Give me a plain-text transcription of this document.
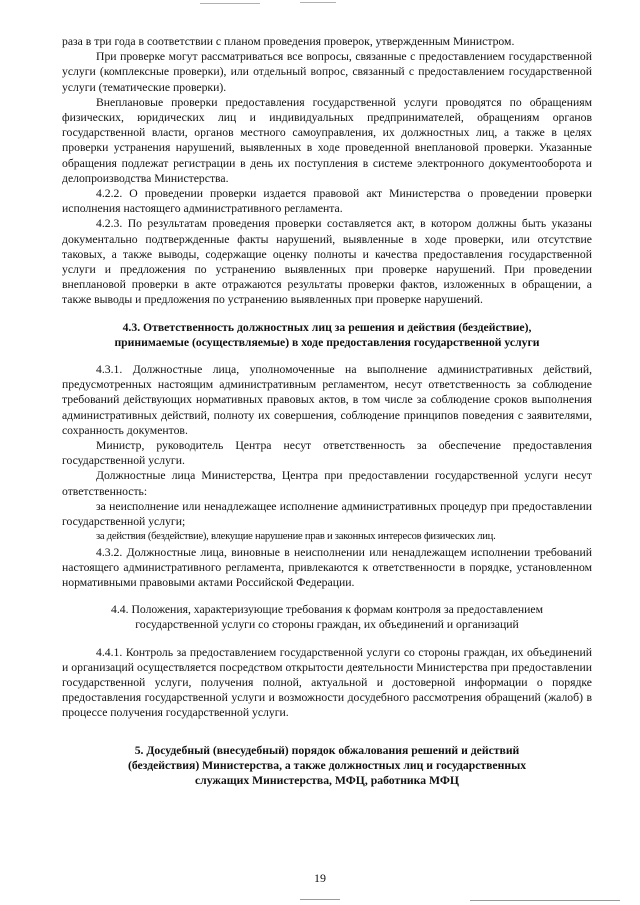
раза в три года в соответствии с планом проведения проверок, утвержденным Министром.

При проверке могут рассматриваться все вопросы, связанные с предоставлением государственной услуги (комплексные проверки), или отдельный вопрос, связанный с предоставлением государственной услуги (тематические проверки).

Внеплановые проверки предоставления государственной услуги проводятся по обращениям физических, юридических лиц и индивидуальных предпринимателей, обращениям органов государственной власти, органов местного самоуправления, их должностных лиц, а также в целях проверки устранения нарушений, выявленных в ходе проведенной внеплановой проверки. Указанные обращения подлежат регистрации в день их поступления в системе электронного документооборота и делопроизводства Министерства.

4.2.2. О проведении проверки издается правовой акт Министерства о проведении проверки исполнения настоящего административного регламента.

4.2.3. По результатам проведения проверки составляется акт, в котором должны быть указаны документально подтвержденные факты нарушений, выявленные в ходе проверки, или отсутствие таковых, а также выводы, содержащие оценку полноты и качества предоставления государственной услуги и предложения по устранению выявленных при проверке нарушений. При проведении внеплановой проверки в акте отражаются результаты проверки фактов, изложенных в обращении, а также выводы и предложения по устранению выявленных при проверке нарушений.

4.3. Ответственность должностных лиц за решения и действия (бездействие),
принимаемые (осуществляемые) в ходе предоставления государственной услуги

4.3.1. Должностные лица, уполномоченные на выполнение административных действий, предусмотренных настоящим административным регламентом, несут ответственность за соблюдение требований действующих нормативных правовых актов, в том числе за соблюдение сроков выполнения административных действий, полноту их совершения, соблюдение принципов поведения с заявителями, сохранность документов.

Министр, руководитель Центра несут ответственность за обеспечение предоставления государственной услуги.

Должностные лица Министерства, Центра при предоставлении государственной услуги несут ответственность:

за неисполнение или ненадлежащее исполнение административных процедур при предоставлении государственной услуги;

за действия (бездействие), влекущие нарушение прав и законных интересов физических лиц.

4.3.2. Должностные лица, виновные в неисполнении или ненадлежащем исполнении требований настоящего административного регламента, привлекаются к ответственности в порядке, установленном нормативными правовыми актами Российской Федерации.

4.4. Положения, характеризующие требования к формам контроля за предоставлением
государственной услуги со стороны граждан, их объединений и организаций

4.4.1. Контроль за предоставлением государственной услуги со стороны граждан, их объединений и организаций осуществляется посредством открытости деятельности Министерства при предоставлении государственной услуги, получения полной, актуальной и достоверной информации о порядке предоставления государственной услуги и возможности досудебного рассмотрения обращений (жалоб) в процессе получения государственной услуги.

5. Досудебный (внесудебный) порядок обжалования решений и действий
(бездействия) Министерства, а также должностных лиц и государственных
служащих Министерства, МФЦ, работника МФЦ
19
